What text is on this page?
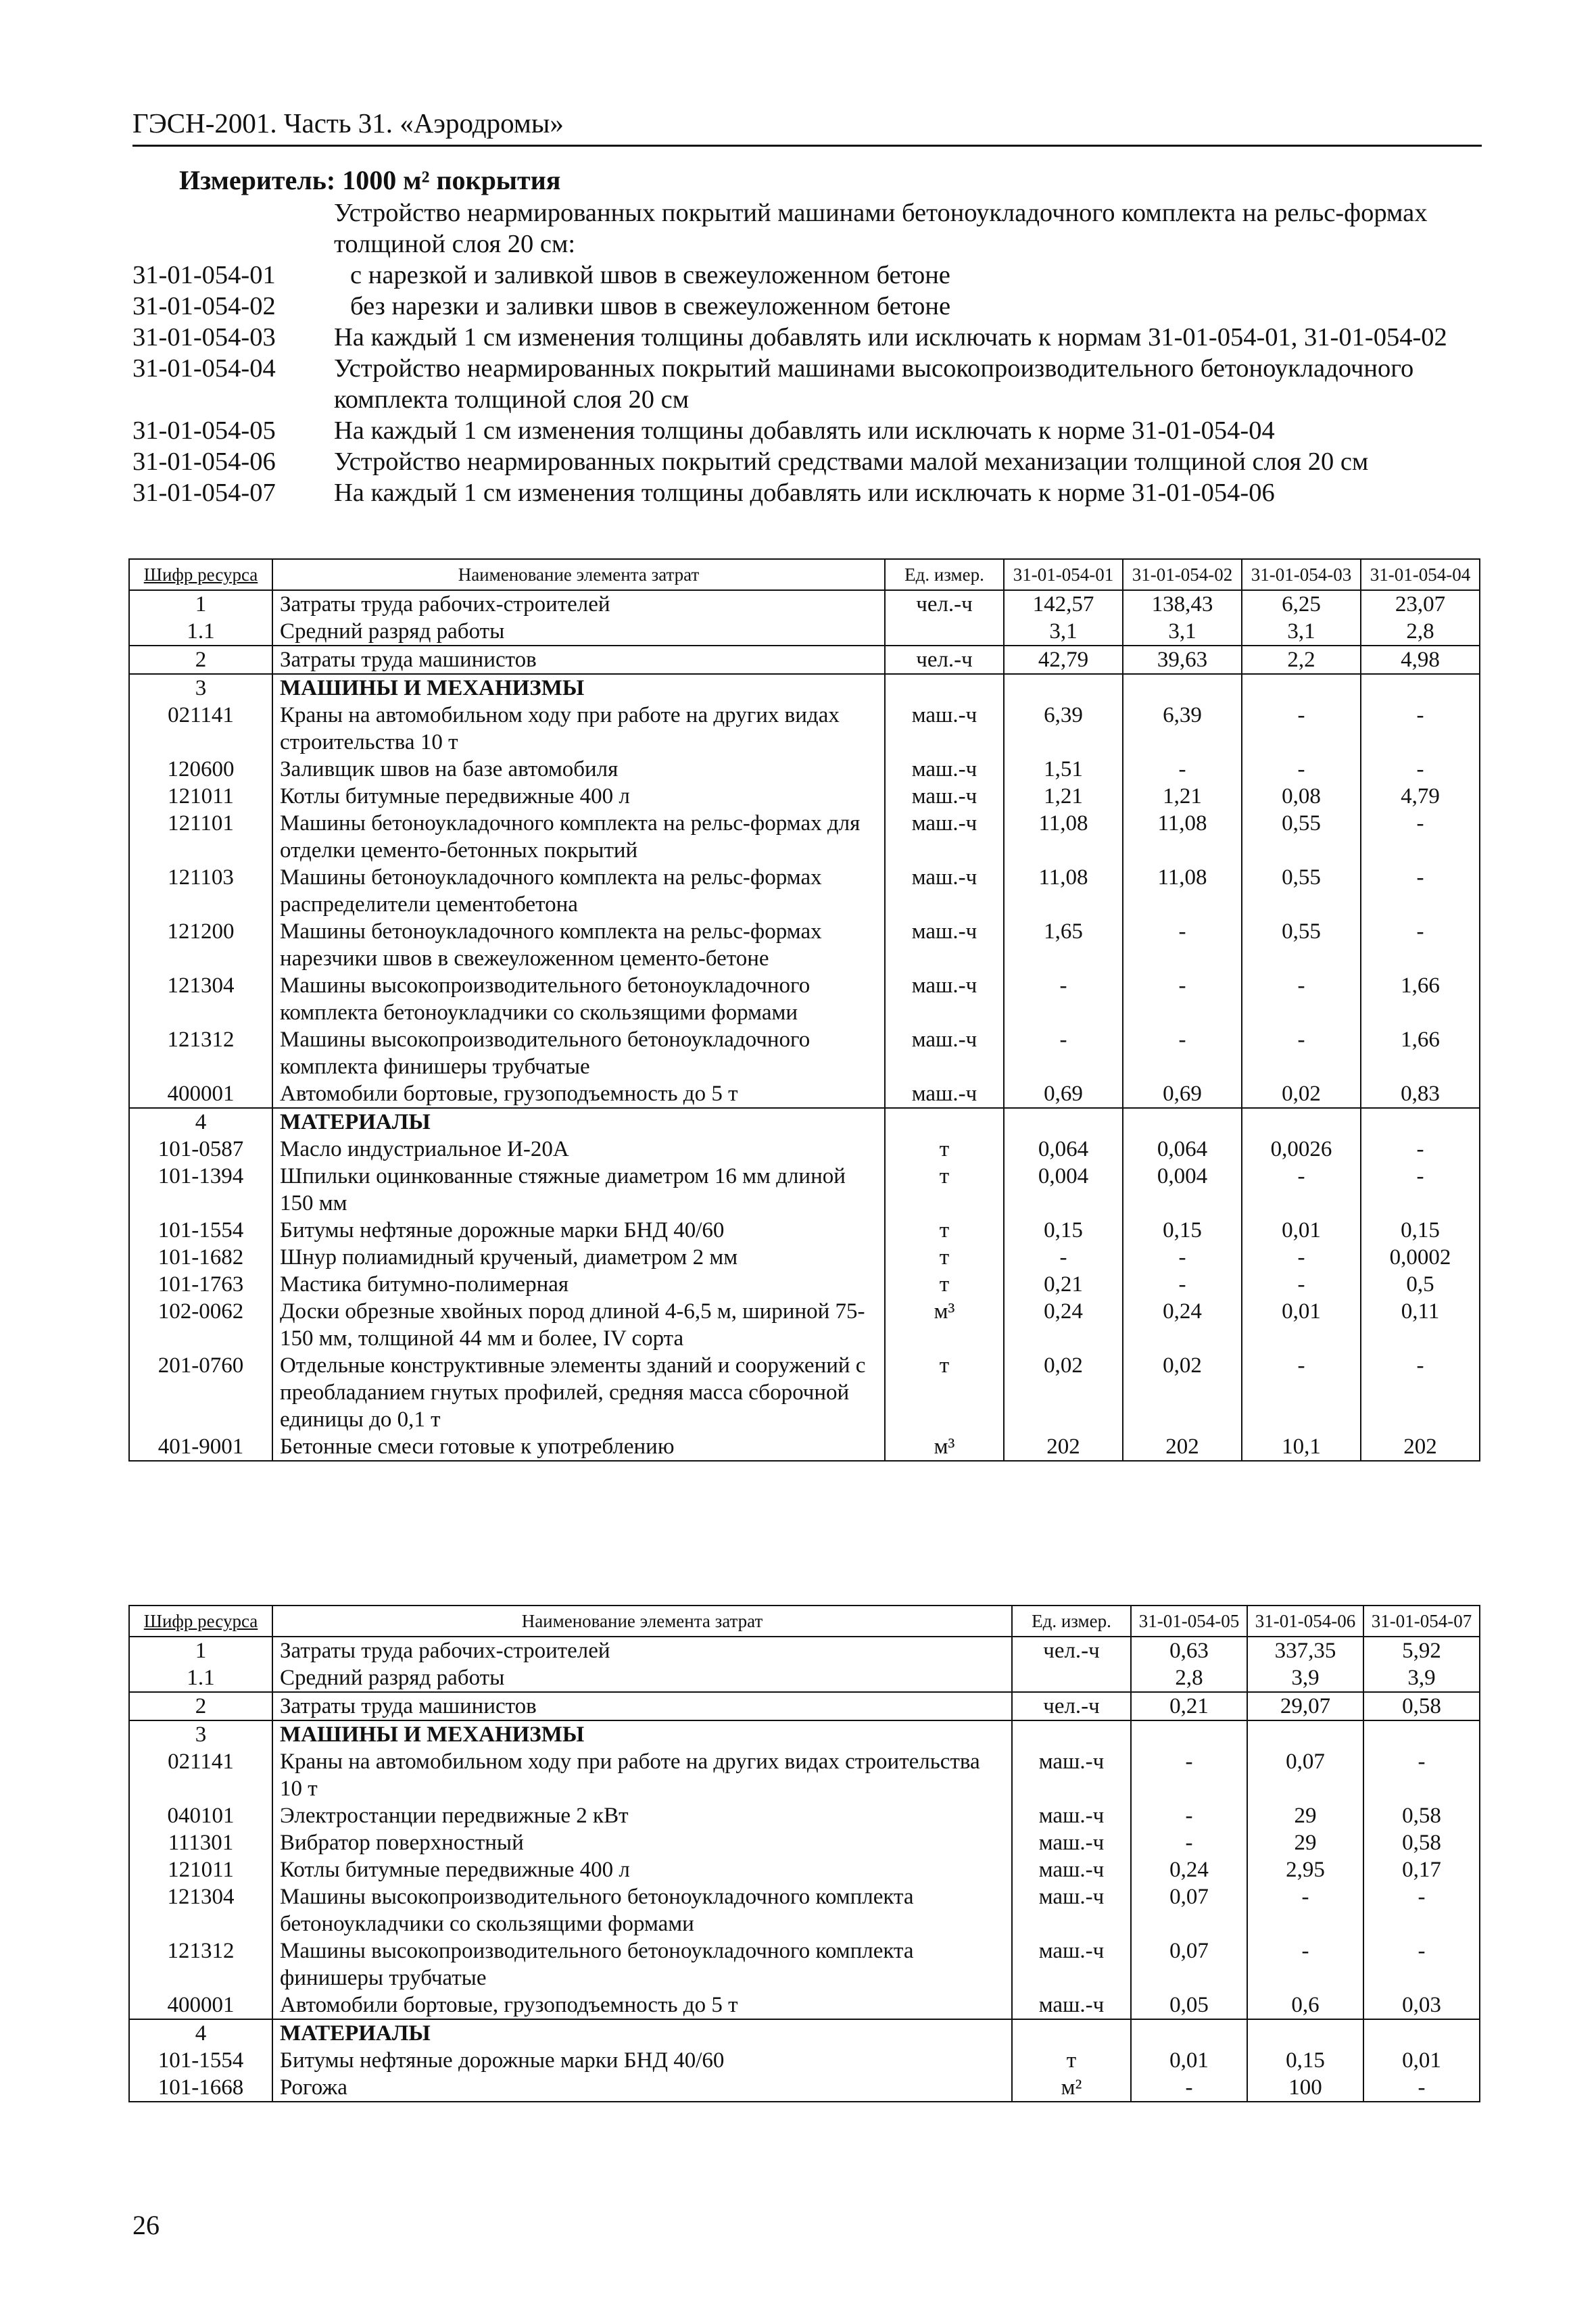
ГЭСН-2001. Часть 31. «Аэродромы»
Измеритель: 1000 м² покрытия
Устройство неармированных покрытий машинами бетоноукладочного комплекта на рельс-формах толщиной слоя 20 см:
31-01-054-01	с нарезкой и заливкой швов в свежеуложенном бетоне
31-01-054-02	без нарезки и заливки швов в свежеуложенном бетоне
31-01-054-03	На каждый 1 см изменения толщины добавлять или исключать к нормам 31-01-054-01, 31-01-054-02
31-01-054-04	Устройство неармированных покрытий машинами высокопроизводительного бетоноукладочного комплекта толщиной слоя 20 см
31-01-054-05	На каждый 1 см изменения толщины добавлять или исключать к норме 31-01-054-04
31-01-054-06	Устройство неармированных покрытий средствами малой механизации толщиной слоя 20 см
31-01-054-07	На каждый 1 см изменения толщины добавлять или исключать к норме 31-01-054-06
Шифр ресурса	Наименование элемента затрат	Ед. измер.	31-01-054-01	31-01-054-02	31-01-054-03	31-01-054-04
1	Затраты труда рабочих-строителей	чел.-ч	142,57	138,43	6,25	23,07
1.1	Средний разряд работы		3,1	3,1	3,1	2,8
2	Затраты труда машинистов	чел.-ч	42,79	39,63	2,2	4,98
3	МАШИНЫ И МЕХАНИЗМЫ					
021141	Краны на автомобильном ходу при работе на других видах строительства 10 т	маш.-ч	6,39	6,39	-	-
120600	Заливщик швов на базе автомобиля	маш.-ч	1,51	-	-	-
121011	Котлы битумные передвижные 400 л	маш.-ч	1,21	1,21	0,08	4,79
121101	Машины бетоноукладочного комплекта на рельс-формах для отделки цементо-бетонных покрытий	маш.-ч	11,08	11,08	0,55	-
121103	Машины бетоноукладочного комплекта на рельс-формах распределители цементобетона	маш.-ч	11,08	11,08	0,55	-
121200	Машины бетоноукладочного комплекта на рельс-формах нарезчики швов в свежеуложенном цементо-бетоне	маш.-ч	1,65	-	0,55	-
121304	Машины высокопроизводительного бетоноукладочного комплекта бетоноукладчики со скользящими формами	маш.-ч	-	-	-	1,66
121312	Машины высокопроизводительного бетоноукладочного комплекта финишеры трубчатые	маш.-ч	-	-	-	1,66
400001	Автомобили бортовые, грузоподъемность до 5 т	маш.-ч	0,69	0,69	0,02	0,83
4	МАТЕРИАЛЫ					
101-0587	Масло индустриальное И-20А	т	0,064	0,064	0,0026	-
101-1394	Шпильки оцинкованные стяжные диаметром 16 мм длиной 150 мм	т	0,004	0,004	-	-
101-1554	Битумы нефтяные дорожные марки БНД 40/60	т	0,15	0,15	0,01	0,15
101-1682	Шнур полиамидный крученый, диаметром 2 мм	т	-	-	-	0,0002
101-1763	Мастика битумно-полимерная	т	0,21	-	-	0,5
102-0062	Доски обрезные хвойных пород длиной 4-6,5 м, шириной 75-150 мм, толщиной 44 мм и более, IV сорта	м³	0,24	0,24	0,01	0,11
201-0760	Отдельные конструктивные элементы зданий и сооружений с преобладанием гнутых профилей, средняя масса сборочной единицы до 0,1 т	т	0,02	0,02	-	-
401-9001	Бетонные смеси готовые к употреблению	м³	202	202	10,1	202
Шифр ресурса	Наименование элемента затрат	Ед. измер.	31-01-054-05	31-01-054-06	31-01-054-07
1	Затраты труда рабочих-строителей	чел.-ч	0,63	337,35	5,92
1.1	Средний разряд работы		2,8	3,9	3,9
2	Затраты труда машинистов	чел.-ч	0,21	29,07	0,58
3	МАШИНЫ И МЕХАНИЗМЫ				
021141	Краны на автомобильном ходу при работе на других видах строительства 10 т	маш.-ч	-	0,07	-
040101	Электростанции передвижные 2 кВт	маш.-ч	-	29	0,58
111301	Вибратор поверхностный	маш.-ч	-	29	0,58
121011	Котлы битумные передвижные 400 л	маш.-ч	0,24	2,95	0,17
121304	Машины высокопроизводительного бетоноукладочного комплекта бетоноукладчики со скользящими формами	маш.-ч	0,07	-	-
121312	Машины высокопроизводительного бетоноукладочного комплекта финишеры трубчатые	маш.-ч	0,07	-	-
400001	Автомобили бортовые, грузоподъемность до 5 т	маш.-ч	0,05	0,6	0,03
4	МАТЕРИАЛЫ				
101-1554	Битумы нефтяные дорожные марки БНД 40/60	т	0,01	0,15	0,01
101-1668	Рогожа	м²	-	100	-
26
